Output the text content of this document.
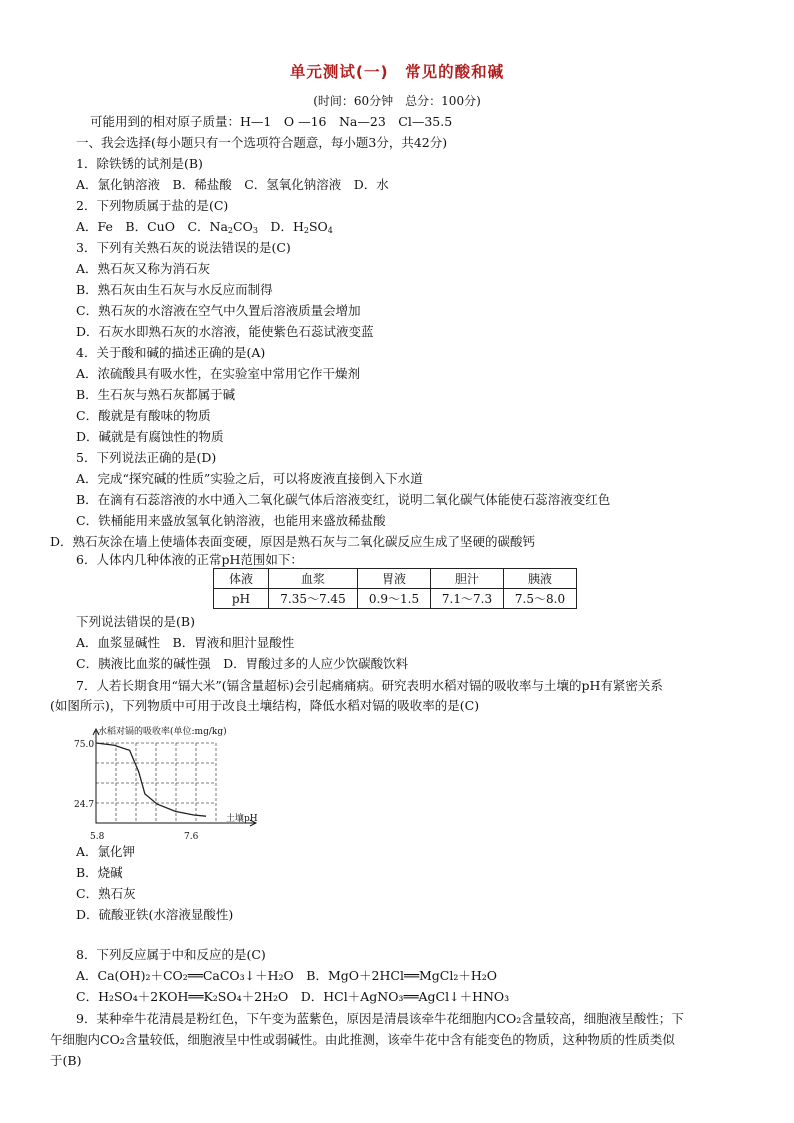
单元测试(一)　常见的酸和碱
(时间：60分钟　总分：100分)
可能用到的相对原子质量：H—1　O —16　Na—23　Cl—35.5
一、我会选择(每小题只有一个选项符合题意，每小题3分，共42分)
1．除铁锈的试剂是(B)
A．氯化钠溶液　B．稀盐酸　C．氢氧化钠溶液　D．水
2．下列物质属于盐的是(C)
A．Fe　B．CuO　C．$Na_2CO_3$　D．$H_2SO_4$
3．下列有关熟石灰的说法错误的是(C)
A．熟石灰又称为消石灰
B．熟石灰由生石灰与水反应而制得
C．熟石灰的水溶液在空气中久置后溶液质量会增加
D．石灰水即熟石灰的水溶液，能使紫色石蕊试液变蓝
4．关于酸和碱的描述正确的是(A)
A．浓硫酸具有吸水性，在实验室中常用它作干燥剂
B．生石灰与熟石灰都属于碱
C．酸就是有酸味的物质
D．碱就是有腐蚀性的物质
5．下列说法正确的是(D)
A．完成“探究碱的性质”实验之后，可以将废液直接倒入下水道
B．在滴有石蕊溶液的水中通入二氧化碳气体后溶液变红，说明二氧化碳气体能使石蕊溶液变红色
C．铁桶能用来盛放氢氧化钠溶液，也能用来盛放稀盐酸
D．熟石灰涂在墙上使墙体表面变硬，原因是熟石灰与二氧化碳反应生成了坚硬的碳酸钙
6．人体内几种体液的正常pH范围如下：
体液	血浆	胃液	胆汁	胰液
pH	7.35～7.45	0.9～1.5	7.1～7.3	7.5～8.0
下列说法错误的是(B)
A．血浆显碱性　B．胃液和胆汁显酸性
C．胰液比血浆的碱性强　D．胃酸过多的人应少饮碳酸饮料
7．人若长期食用“镉大米”(镉含量超标)会引起痛痛病。研究表明水稻对镉的吸收率与土壤的pH有紧密关系
(如图所示)，下列物质中可用于改良土壤结构，降低水稻对镉的吸收率的是(C)
水稻对镉的吸收率(单位:mg/kg)
土壤pH
75.0
24.7
5.8	7.6
A．氯化钾
B．烧碱
C．熟石灰
D．硫酸亚铁(水溶液显酸性)
8．下列反应属于中和反应的是(C)
A．Ca(OH)₂＋CO₂══CaCO₃↓＋H₂O　B．MgO＋2HCl══MgCl₂＋H₂O
C．H₂SO₄＋2KOH══K₂SO₄＋2H₂O　D．HCl＋AgNO₃══AgCl↓＋HNO₃
9．某种牵牛花清晨是粉红色，下午变为蓝紫色，原因是清晨该牵牛花细胞内CO₂含量较高，细胞液呈酸性；下
午细胞内CO₂含量较低，细胞液呈中性或弱碱性。由此推测，该牵牛花中含有能变色的物质，这种物质的性质类似
于(B)
